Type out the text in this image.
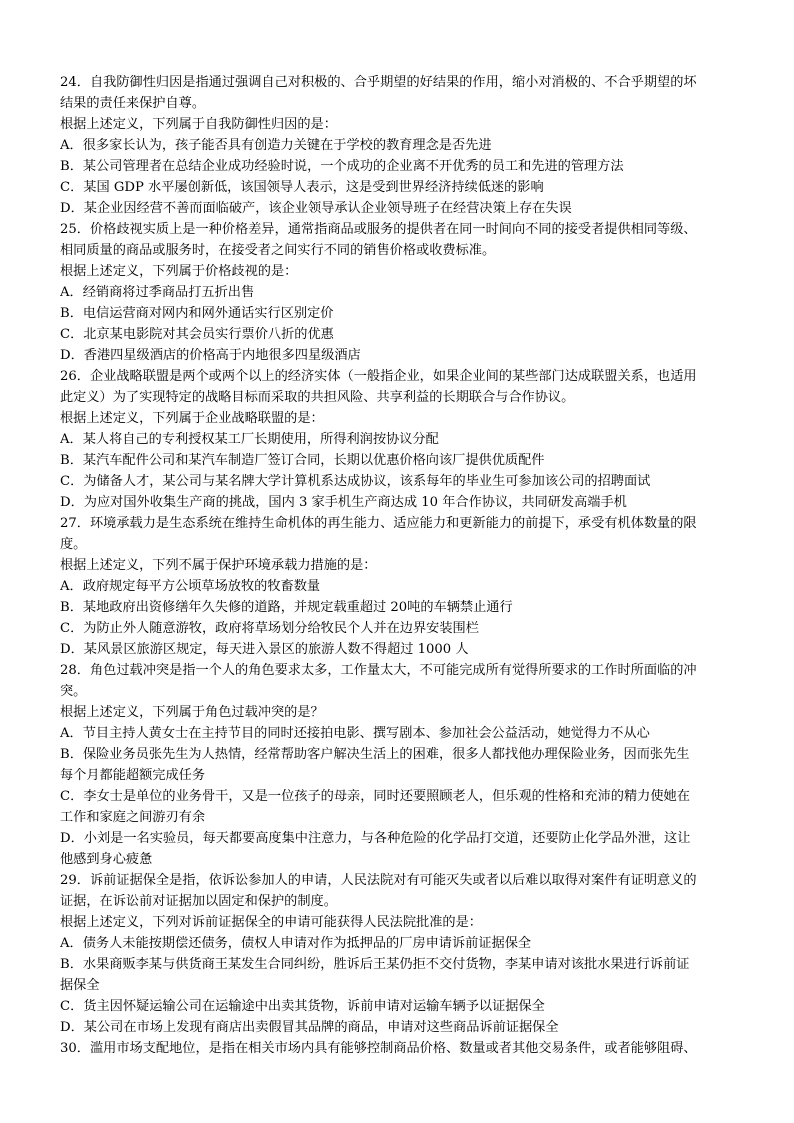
24．自我防御性归因是指通过强调自己对积极的、合乎期望的好结果的作用，缩小对消极的、不合乎期望的坏
结果的责任来保护自尊。
根据上述定义，下列属于自我防御性归因的是：
A．很多家长认为，孩子能否具有创造力关键在于学校的教育理念是否先进
B．某公司管理者在总结企业成功经验时说，一个成功的企业离不开优秀的员工和先进的管理方法
C．某国 GDP 水平屡创新低，该国领导人表示，这是受到世界经济持续低迷的影响
D．某企业因经营不善而面临破产，该企业领导承认企业领导班子在经营决策上存在失误
25．价格歧视实质上是一种价格差异，通常指商品或服务的提供者在同一时间向不同的接受者提供相同等级、
相同质量的商品或服务时，在接受者之间实行不同的销售价格或收费标准。
根据上述定义，下列属于价格歧视的是：
A．经销商将过季商品打五折出售
B．电信运营商对网内和网外通话实行区别定价
C．北京某电影院对其会员实行票价八折的优惠
D．香港四星级酒店的价格高于内地很多四星级酒店
26．企业战略联盟是两个或两个以上的经济实体（一般指企业，如果企业间的某些部门达成联盟关系，也适用
此定义）为了实现特定的战略目标而采取的共担风险、共享利益的长期联合与合作协议。
根据上述定义，下列属于企业战略联盟的是：
A．某人将自己的专利授权某工厂长期使用，所得利润按协议分配
B．某汽车配件公司和某汽车制造厂签订合同，长期以优惠价格向该厂提供优质配件
C．为储备人才，某公司与某名牌大学计算机系达成协议，该系每年的毕业生可参加该公司的招聘面试
D．为应对国外收集生产商的挑战，国内 3 家手机生产商达成 10 年合作协议，共同研发高端手机
27．环境承载力是生态系统在维持生命机体的再生能力、适应能力和更新能力的前提下，承受有机体数量的限
度。
根据上述定义，下列不属于保护环境承载力措施的是：
A．政府规定每平方公顷草场放牧的牧畜数量
B．某地政府出资修缮年久失修的道路，并规定载重超过 20吨的车辆禁止通行
C．为防止外人随意游牧，政府将草场划分给牧民个人并在边界安装围栏
D．某风景区旅游区规定，每天进入景区的旅游人数不得超过 1000 人
28．角色过载冲突是指一个人的角色要求太多，工作量太大，不可能完成所有觉得所要求的工作时所面临的冲
突。
根据上述定义，下列属于角色过载冲突的是？
A．节目主持人黄女士在主持节目的同时还接拍电影、撰写剧本、参加社会公益活动，她觉得力不从心
B．保险业务员张先生为人热情，经常帮助客户解决生活上的困难，很多人都找他办理保险业务，因而张先生
每个月都能超额完成任务
C．李女士是单位的业务骨干，又是一位孩子的母亲，同时还要照顾老人，但乐观的性格和充沛的精力使她在
工作和家庭之间游刃有余
D．小刘是一名实验员，每天都要高度集中注意力，与各种危险的化学品打交道，还要防止化学品外泄，这让
他感到身心疲惫
29．诉前证据保全是指，依诉讼参加人的申请，人民法院对有可能灭失或者以后难以取得对案件有证明意义的
证据，在诉讼前对证据加以固定和保护的制度。
根据上述定义，下列对诉前证据保全的申请可能获得人民法院批准的是：
A．债务人未能按期偿还债务，债权人申请对作为抵押品的厂房申请诉前证据保全
B．水果商贩李某与供货商王某发生合同纠纷，胜诉后王某仍拒不交付货物，李某申请对该批水果进行诉前证
据保全
C．货主因怀疑运输公司在运输途中出卖其货物，诉前申请对运输车辆予以证据保全
D．某公司在市场上发现有商店出卖假冒其品牌的商品，申请对这些商品诉前证据保全
30．滥用市场支配地位，是指在相关市场内具有能够控制商品价格、数量或者其他交易条件，或者能够阻碍、
